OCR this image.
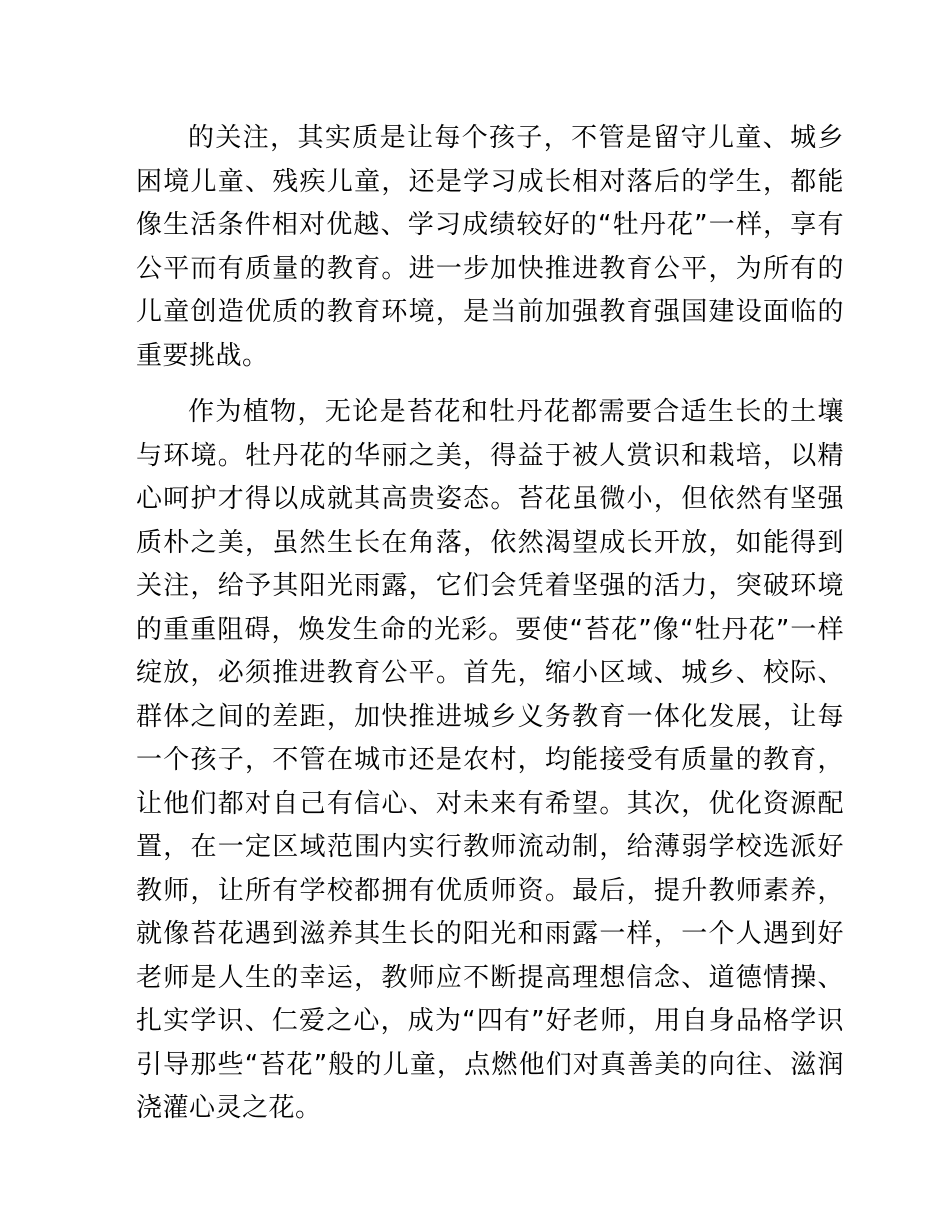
的关注，其实质是让每个孩子，不管是留守儿童、城乡困境儿童、残疾儿童，还是学习成长相对落后的学生，都能像生活条件相对优越、学习成绩较好的“牡丹花”一样，享有公平而有质量的教育。进一步加快推进教育公平，为所有的儿童创造优质的教育环境，是当前加强教育强国建设面临的重要挑战。

作为植物，无论是苔花和牡丹花都需要合适生长的土壤与环境。牡丹花的华丽之美，得益于被人赏识和栽培，以精心呵护才得以成就其高贵姿态。苔花虽微小，但依然有坚强质朴之美，虽然生长在角落，依然渴望成长开放，如能得到关注，给予其阳光雨露，它们会凭着坚强的活力，突破环境的重重阻碍，焕发生命的光彩。要使“苔花”像“牡丹花”一样绽放，必须推进教育公平。首先，缩小区域、城乡、校际、群体之间的差距，加快推进城乡义务教育一体化发展，让每一个孩子，不管在城市还是农村，均能接受有质量的教育，让他们都对自己有信心、对未来有希望。其次，优化资源配置，在一定区域范围内实行教师流动制，给薄弱学校选派好教师，让所有学校都拥有优质师资。最后，提升教师素养，就像苔花遇到滋养其生长的阳光和雨露一样，一个人遇到好老师是人生的幸运，教师应不断提高理想信念、道德情操、扎实学识、仁爱之心，成为“四有”好老师，用自身品格学识引导那些“苔花”般的儿童，点燃他们对真善美的向往、滋润浇灌心灵之花。
